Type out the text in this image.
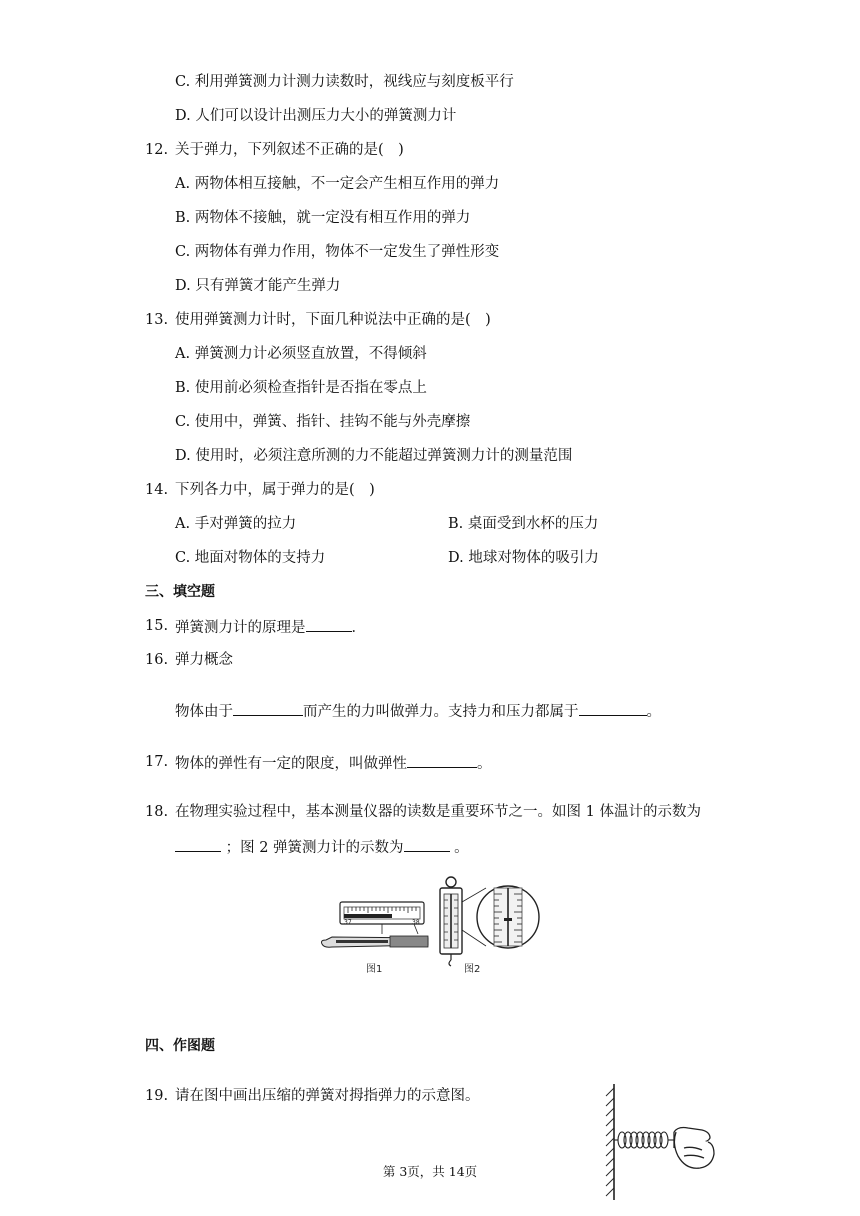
C. 利用弹簧测力计测力读数时，视线应与刻度板平行
D. 人们可以设计出测压力大小的弹簧测力计
12. 关于弹力，下列叙述不正确的是(　)
A. 两物体相互接触，不一定会产生相互作用的弹力
B. 两物体不接触，就一定没有相互作用的弹力
C. 两物体有弹力作用，物体不一定发生了弹性形变
D. 只有弹簧才能产生弹力
13. 使用弹簧测力计时，下面几种说法中正确的是(　)
A. 弹簧测力计必须竖直放置，不得倾斜
B. 使用前必须检查指针是否指在零点上
C. 使用中，弹簧、指针、挂钩不能与外壳摩擦
D. 使用时，必须注意所测的力不能超过弹簧测力计的测量范围
14. 下列各力中，属于弹力的是(　)
A. 手对弹簧的拉力	B. 桌面受到水杯的压力
C. 地面对物体的支持力	D. 地球对物体的吸引力
三、填空题
15. 弹簧测力计的原理是	．
16. 弹力概念
物体由于	而产生的力叫做弹力。支持力和压力都属于	。
17. 物体的弹性有一定的限度，叫做弹性	。
18. 在物理实验过程中，基本测量仪器的读数是重要环节之一。如图 1 体温计的示数为
；图 2 弹簧测力计的示数为	。
37	38
图1	图2
四、作图题
19. 请在图中画出压缩的弹簧对拇指弹力的示意图。
第 3页，共 14页
